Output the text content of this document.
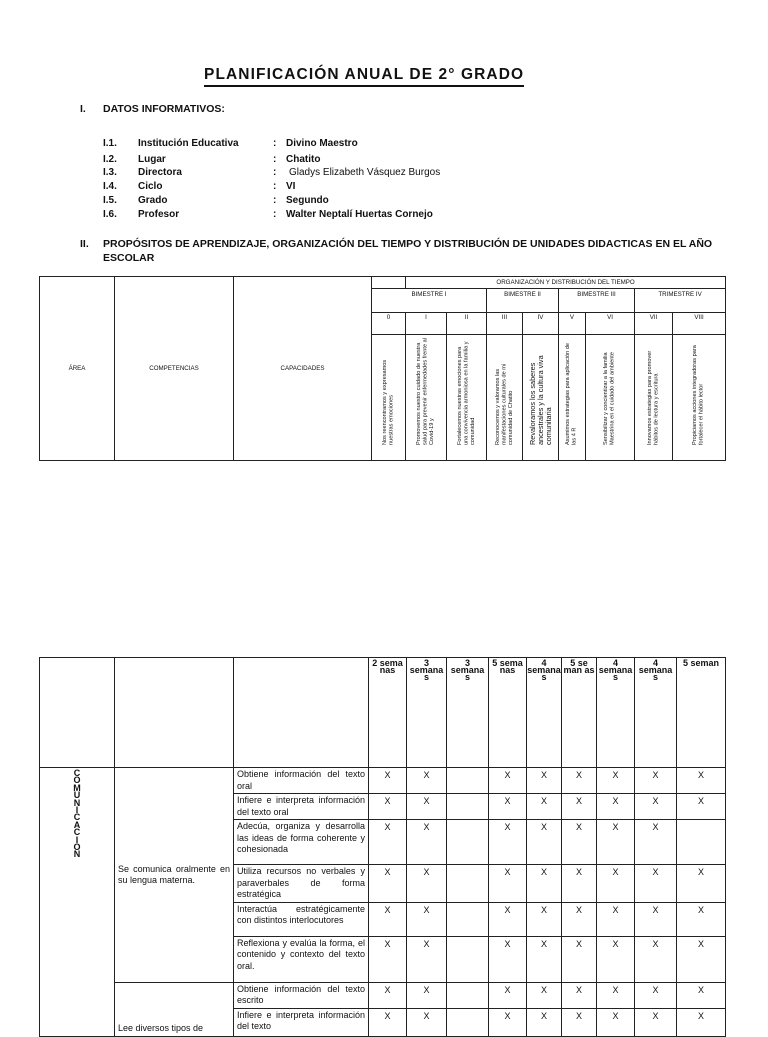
PLANIFICACIÓN ANUAL DE 2° GRADO
I. DATOS INFORMATIVOS:
I.1. Institución Educativa	: Divino Maestro
I.2. Lugar	: Chatito
I.3. Directora	: Gladys Elizabeth Vásquez Burgos
I.4. Ciclo	: VI
I.5. Grado	: Segundo
I.6. Profesor	: Walter Neptalí Huertas Cornejo
II. PROPÓSITOS DE APRENDIZAJE, ORGANIZACIÓN DEL TIEMPO Y DISTRIBUCIÓN DE UNIDADES DIDACTICAS EN EL AÑO ESCOLAR
ÁREA	COMPETENCIAS	CAPACIDADES		ORGANIZACIÓN Y DISTRIBUCIÓN DEL TIEMPO							
			BIMESTRE I			BIMESTRE II		BIMESTRE III		TRIMESTRE IV	
			0	I	II	III	IV	V	VI	VII	VIII

			Nos reencontramos y expresamos nuestras emociones	Promovemos nuestro cuidado de nuestra salud para prevenir enfermedades frente al Covid-19 y	Fortalecemos nuestras emociones para una convivencia armoniosa en la familia y comunidad	Reconocemos y valoramos las manifestaciones culturales de mi comunidad de Chatito	Revaloramos los saberes ancestrales y la cultura viva comunitaria	Asumimos estrategias para aplicación de las 4 R	Sensibilizar y concientizar a la familia Maestrina en el cuidado del ambiente	Innovamos estrategias para promover hábitos de lectura y escritura	Propiciamos acciones integradoras para fortalecer el hábito lector
			2 sema nas	3 semana s	3 semana s	5 sema nas	4 semana s	5 se man as	4 semana s	4 semana s	5 seman

COMUNICACION	Se comunica oralmente en su lengua materna.	Obtiene información del texto oral	X	X		X	X	X	X	X	X
		Infiere e interpreta información del texto oral	X	X		X	X	X	X	X	X
		Adecúa, organiza y desarrolla las ideas de forma coherente y cohesionada	X	X		X	X	X	X	X	
		Utiliza recursos no verbales y paraverbales de forma estratégica	X	X		X	X	X	X	X	X
		Interactúa estratégicamente con distintos interlocutores	X	X		X	X	X	X	X	X
		Reflexiona y evalúa la forma, el contenido y contexto del texto oral.	X	X		X	X	X	X	X	X
	Lee diversos tipos de	Obtiene información del texto escrito	X	X		X	X	X	X	X	X
		Infiere e interpreta información del texto	X	X		X	X	X	X	X	X
